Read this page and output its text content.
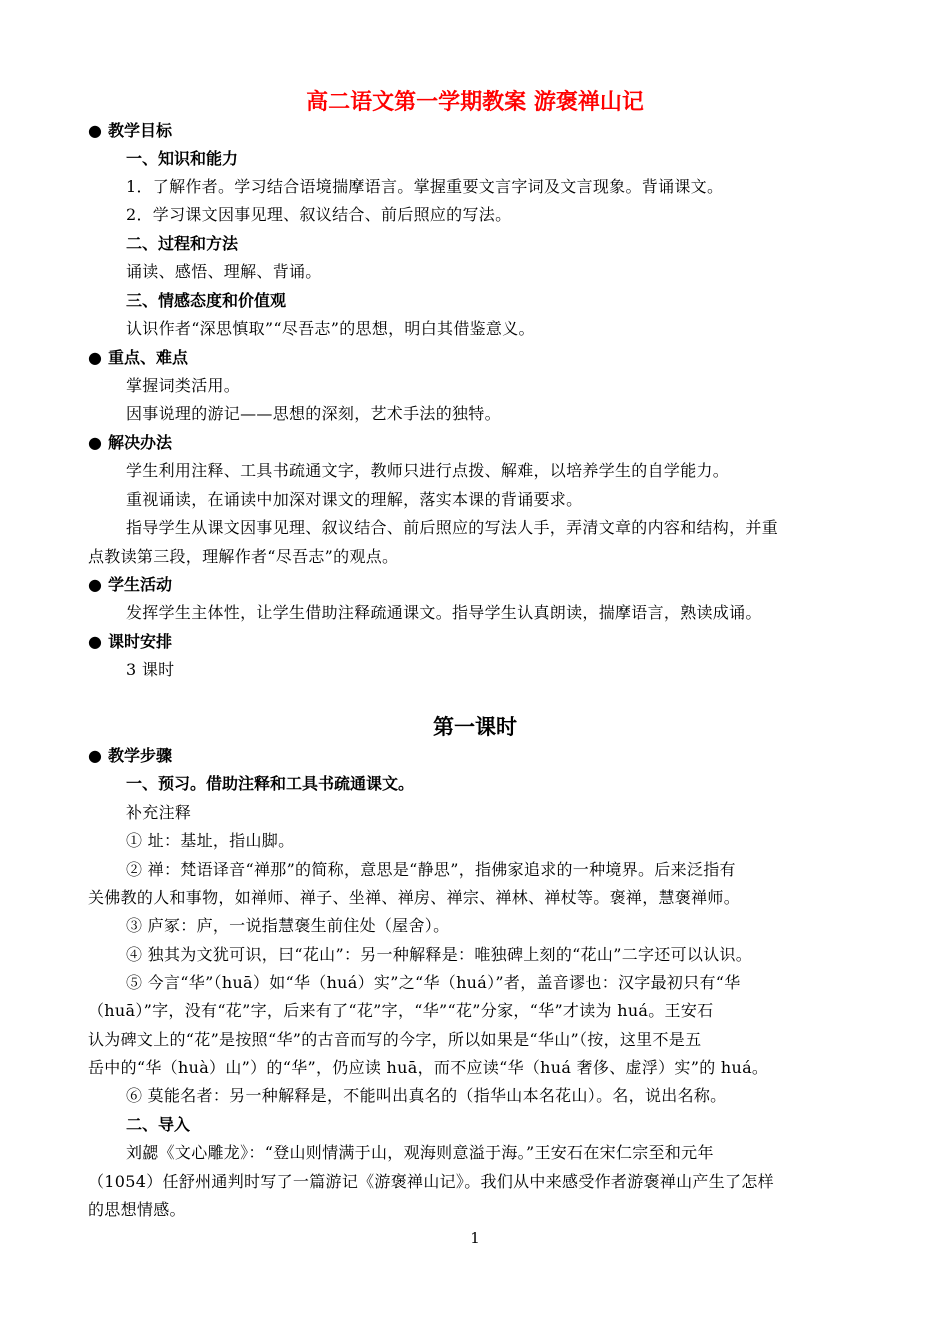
高二语文第一学期教案 游褒禅山记
● 教学目标
一、知识和能力
1．了解作者。学习结合语境揣摩语言。掌握重要文言字词及文言现象。背诵课文。
2．学习课文因事见理、叙议结合、前后照应的写法。
二、过程和方法
诵读、感悟、理解、背诵。
三、情感态度和价值观
认识作者“深思慎取”“尽吾志”的思想，明白其借鉴意义。
● 重点、难点
掌握词类活用。
因事说理的游记——思想的深刻，艺术手法的独特。
● 解决办法
学生利用注释、工具书疏通文字，教师只进行点拨、解难，以培养学生的自学能力。
重视诵读，在诵读中加深对课文的理解，落实本课的背诵要求。
指导学生从课文因事见理、叙议结合、前后照应的写法人手，弄清文章的内容和结构，并重
点教读第三段，理解作者“尽吾志”的观点。
● 学生活动
发挥学生主体性，让学生借助注释疏通课文。指导学生认真朗读，揣摩语言，熟读成诵。
● 课时安排
3 课时
第一课时
● 教学步骤
一、预习。借助注释和工具书疏通课文。
补充注释
① 址：基址，指山脚。
② 禅：梵语译音“禅那”的简称，意思是“静思”，指佛家追求的一种境界。后来泛指有
关佛教的人和事物，如禅师、禅子、坐禅、禅房、禅宗、禅林、禅杖等。褒禅，慧褒禅师。
③ 庐冢：庐，一说指慧褒生前住处（屋舍）。
④ 独其为文犹可识，曰“花山”：另一种解释是：唯独碑上刻的“花山”二字还可以认识。
⑤ 今言“华”（huā）如“华（huá）实”之“华（huá）”者，盖音谬也：汉字最初只有“华
（huā）”字，没有“花”字，后来有了“花”字，“华”“花”分家，“华”才读为 huá。王安石
认为碑文上的“花”是按照“华”的古音而写的今字，所以如果是“华山”（按，这里不是五
岳中的“华（huà）山”）的“华”，仍应读 huā，而不应读“华（huá 奢侈、虚浮）实”的 huá。
⑥ 莫能名者：另一种解释是，不能叫出真名的（指华山本名花山）。名，说出名称。
二、导入
刘勰《文心雕龙》：“登山则情满于山，观海则意溢于海。”王安石在宋仁宗至和元年
（1054）任舒州通判时写了一篇游记《游褒禅山记》。我们从中来感受作者游褒禅山产生了怎样
的思想情感。
1
